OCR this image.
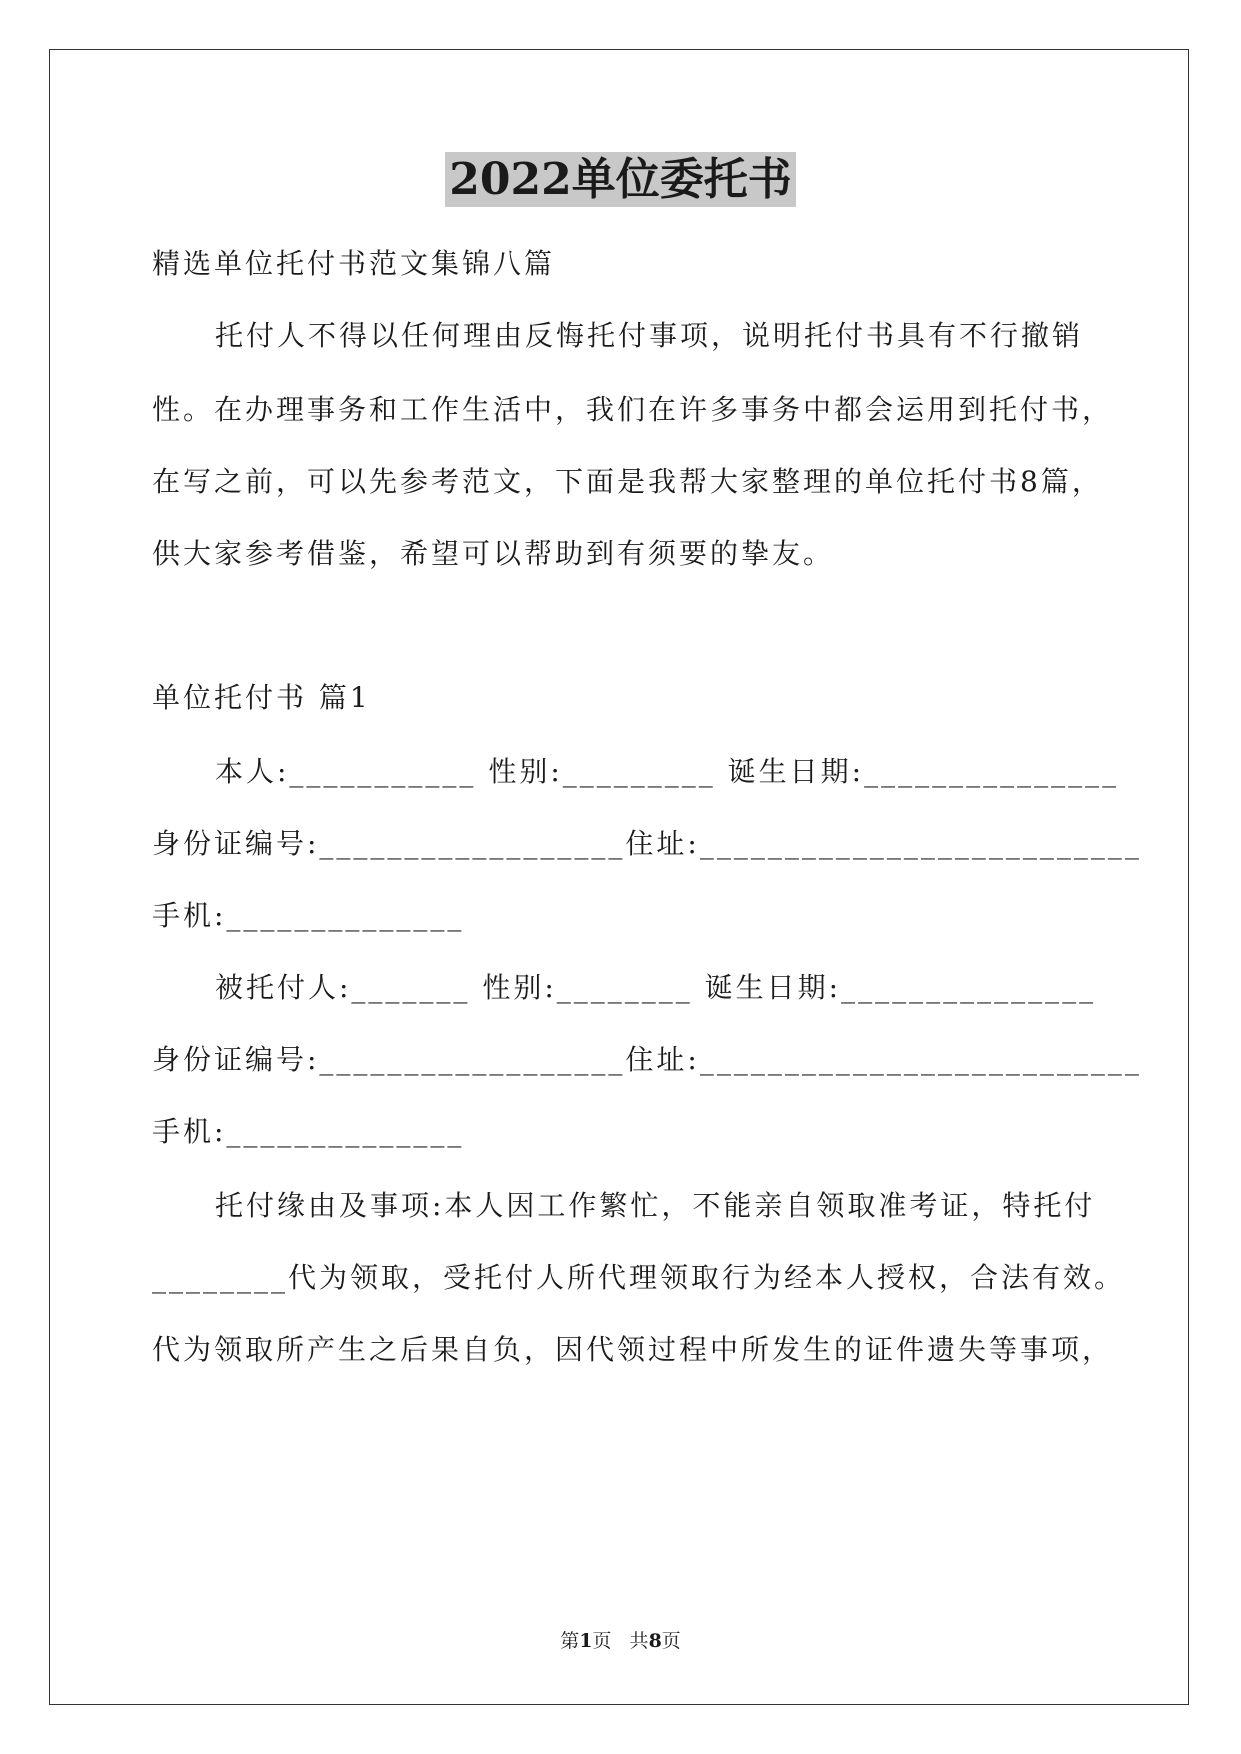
2022单位委托书
精选单位托付书范文集锦八篇
托付人不得以任何理由反悔托付事项，说明托付书具有不行撤销
性。在办理事务和工作生活中，我们在许多事务中都会运用到托付书，
在写之前，可以先参考范文，下面是我帮大家整理的单位托付书8篇，
供大家参考借鉴，希望可以帮助到有须要的挚友。
单位托付书 篇1
本人:___________ 性别:_________ 诞生日期:_______________
身份证编号:__________________住址:__________________________
手机:______________
被托付人:_______ 性别:________ 诞生日期:_______________
身份证编号:__________________住址:__________________________
手机:______________
托付缘由及事项:本人因工作繁忙，不能亲自领取准考证，特托付
________代为领取，受托付人所代理领取行为经本人授权，合法有效。
代为领取所产生之后果自负，因代领过程中所发生的证件遗失等事项，
第1页   共8页
